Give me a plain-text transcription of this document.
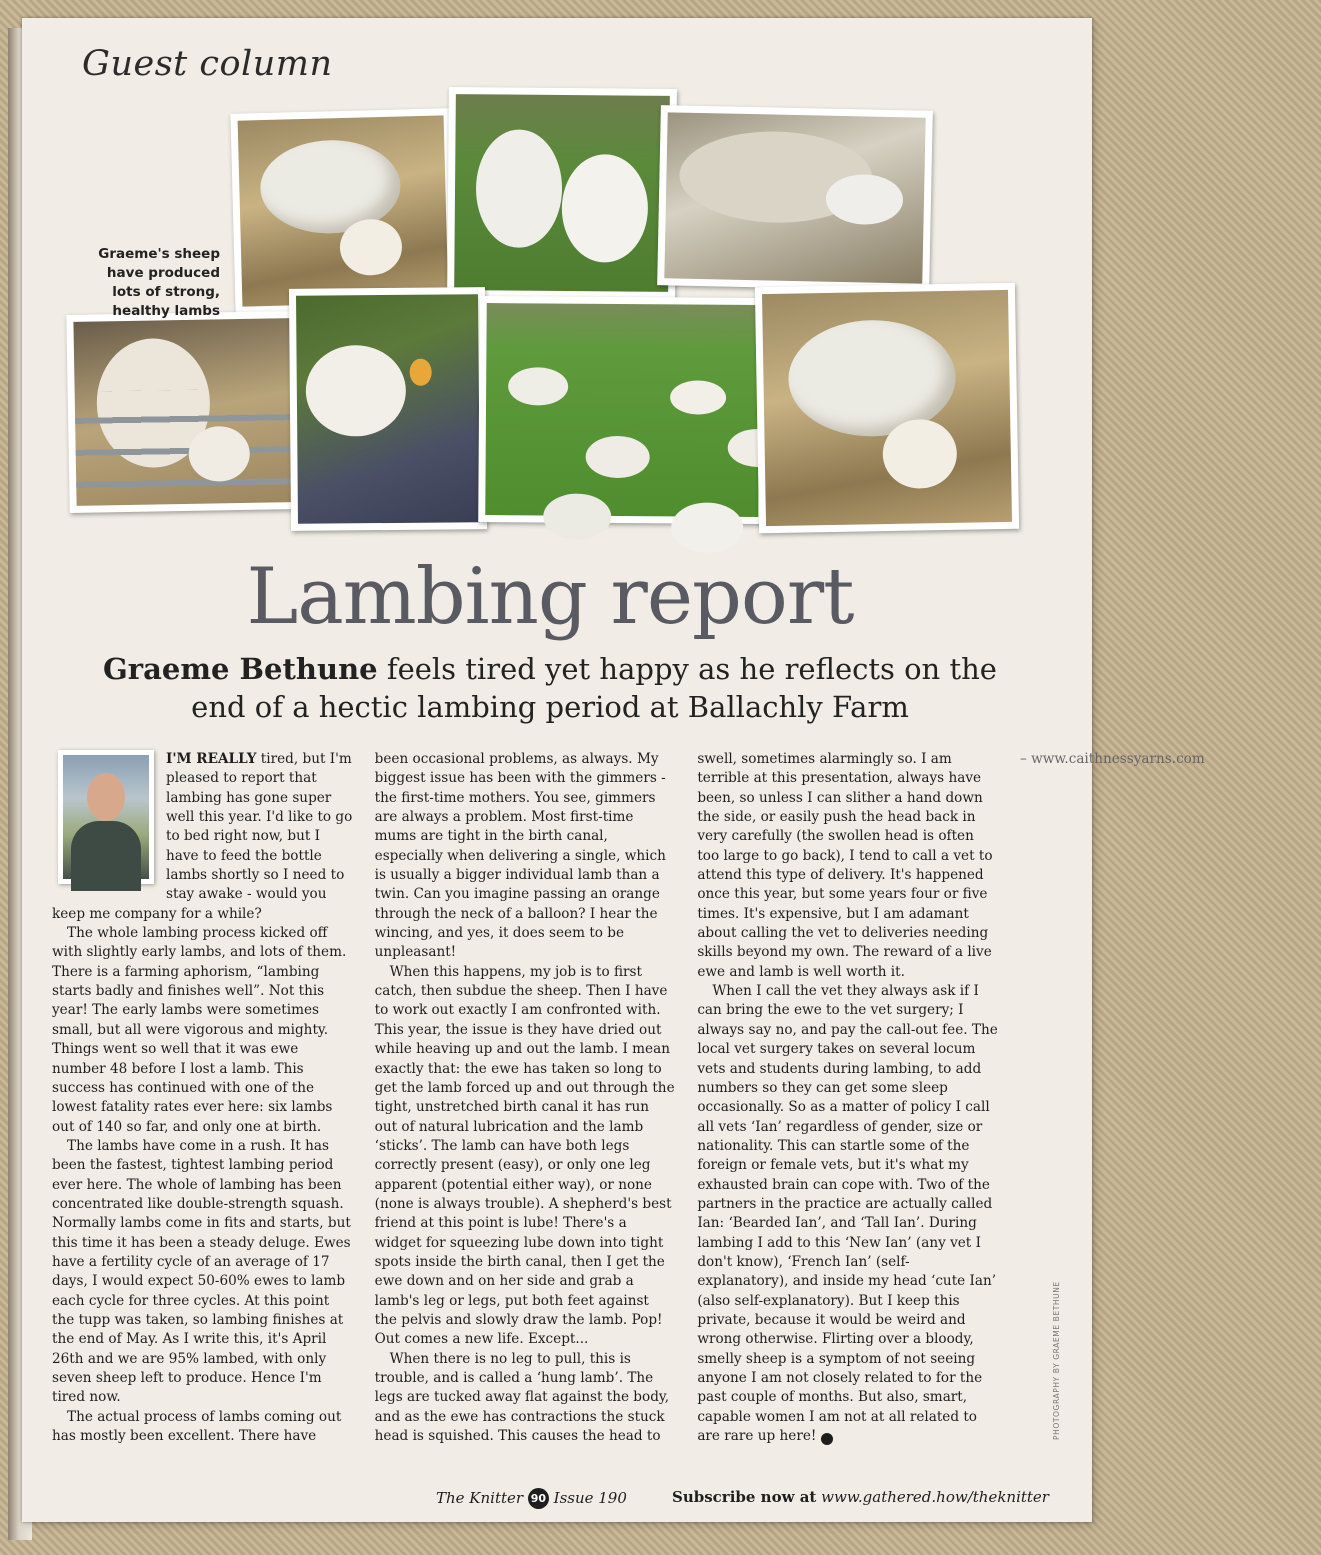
Guest column

Graeme's sheep have produced lots of strong, healthy lambs

Lambing report
Graeme Bethune feels tired yet happy as he reflects on the end of a hectic lambing period at Ballachly Farm

I'M REALLY tired, but I'm pleased to report that lambing has gone super well this year. I'd like to go to bed right now, but I have to feed the bottle lambs shortly so I need to stay awake - would you keep me company for a while?

The whole lambing process kicked off with slightly early lambs, and lots of them. There is a farming aphorism, “lambing starts badly and finishes well”. Not this year! The early lambs were sometimes small, but all were vigorous and mighty. Things went so well that it was ewe number 48 before I lost a lamb. This success has continued with one of the lowest fatality rates ever here: six lambs out of 140 so far, and only one at birth.

The lambs have come in a rush. It has been the fastest, tightest lambing period ever here. The whole of lambing has been concentrated like double-strength squash. Normally lambs come in fits and starts, but this time it has been a steady deluge. Ewes have a fertility cycle of an average of 17 days, I would expect 50-60% ewes to lamb each cycle for three cycles. At this point the tupp was taken, so lambing finishes at the end of May. As I write this, it's April 26th and we are 95% lambed, with only seven sheep left to produce. Hence I'm tired now.

The actual process of lambs coming out has mostly been excellent. There have been occasional problems, as always. My biggest issue has been with the gimmers - the first-time mothers. You see, gimmers are always a problem. Most first-time mums are tight in the birth canal, especially when delivering a single, which is usually a bigger individual lamb than a twin. Can you imagine passing an orange through the neck of a balloon? I hear the wincing, and yes, it does seem to be unpleasant!

When this happens, my job is to first catch, then subdue the sheep. Then I have to work out exactly I am confronted with. This year, the issue is they have dried out while heaving up and out the lamb. I mean exactly that: the ewe has taken so long to get the lamb forced up and out through the tight, unstretched birth canal it has run out of natural lubrication and the lamb ‘sticks’. The lamb can have both legs correctly present (easy), or only one leg apparent (potential either way), or none (none is always trouble). A shepherd's best friend at this point is lube! There's a widget for squeezing lube down into tight spots inside the birth canal, then I get the ewe down and on her side and grab a lamb's leg or legs, put both feet against the pelvis and slowly draw the lamb. Pop! Out comes a new life. Except...

When there is no leg to pull, this is trouble, and is called a ‘hung lamb’. The legs are tucked away flat against the body, and as the ewe has contractions the stuck head is squished. This causes the head to swell, sometimes alarmingly so. I am terrible at this presentation, always have been, so unless I can slither a hand down the side, or easily push the head back in very carefully (the swollen head is often too large to go back), I tend to call a vet to attend this type of delivery. It's happened once this year, but some years four or five times. It's expensive, but I am adamant about calling the vet to deliveries needing skills beyond my own. The reward of a live ewe and lamb is well worth it.

When I call the vet they always ask if I can bring the ewe to the vet surgery; I always say no, and pay the call-out fee. The local vet surgery takes on several locum vets and students during lambing, to add numbers so they can get some sleep occasionally. So as a matter of policy I call all vets ‘Ian’ regardless of gender, size or nationality. This can startle some of the foreign or female vets, but it's what my exhausted brain can cope with. Two of the partners in the practice are actually called Ian: ‘Bearded Ian’, and ‘Tall Ian’. During lambing I add to this ‘New Ian’ (any vet I don't know), ‘French Ian’ (self-explanatory), and inside my head ‘cute Ian’ (also self-explanatory). But I keep this private, because it would be weird and wrong otherwise. Flirting over a bloody, smelly sheep is a symptom of not seeing anyone I am not closely related to for the past couple of months. But also, smart, capable women I am not at all related to are rare up here! ✚

– www.caithnessyarns.com

PHOTOGRAPHY BY GRAEME BETHUNE
The Knitter 90 Issue 190	Subscribe now at www.gathered.how/theknitter
